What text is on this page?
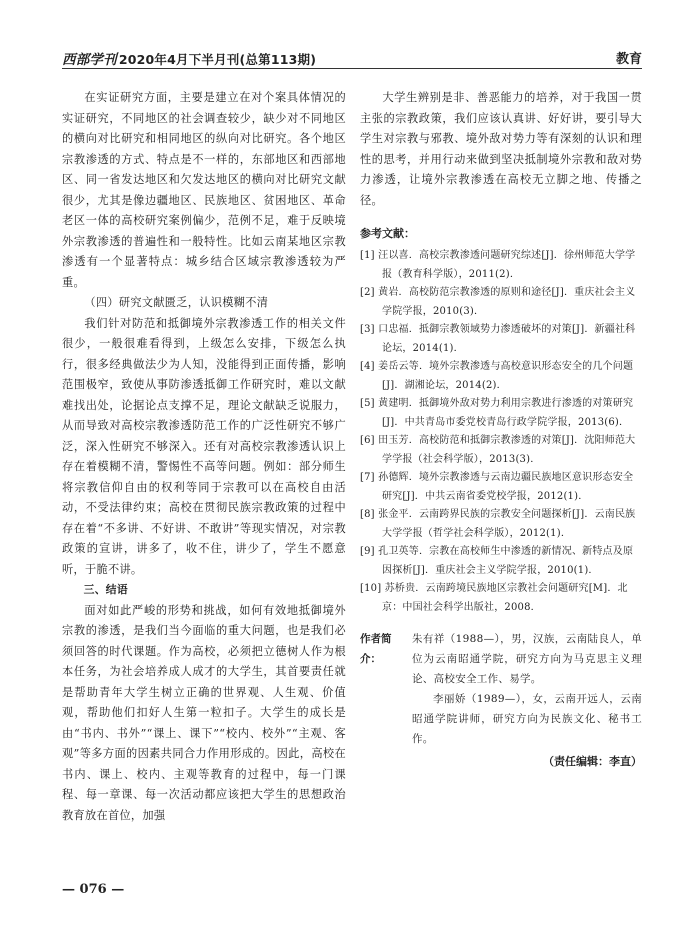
西部学刊 2020年4月下半月刊(总第113期)	教育

在实证研究方面，主要是建立在对个案具体情况的实证研究，不同地区的社会调查较少，缺少对不同地区的横向对比研究和相同地区的纵向对比研究。各个地区宗教渗透的方式、特点是不一样的，东部地区和西部地区、同一省发达地区和欠发达地区的横向对比研究文献很少，尤其是像边疆地区、民族地区、贫困地区、革命老区一体的高校研究案例偏少，范例不足，难于反映境外宗教渗透的普遍性和一般特性。比如云南某地区宗教渗透有一个显著特点：城乡结合区域宗教渗透较为严重。

（四）研究文献匮乏，认识模糊不清

我们针对防范和抵御境外宗教渗透工作的相关文件很少，一般很难看得到，上级怎么安排，下级怎么执行，很多经典做法少为人知，没能得到正面传播，影响范围极窄，致使从事防渗透抵御工作研究时，难以文献难找出处，论据论点支撑不足，理论文献缺乏说服力，从而导致对高校宗教渗透防范工作的广泛性研究不够广泛，深入性研究不够深入。还有对高校宗教渗透认识上存在着模糊不清，警惕性不高等问题。例如：部分师生将宗教信仰自由的权利等同于宗教可以在高校自由活动，不受法律约束；高校在贯彻民族宗教政策的过程中存在着“不多讲、不好讲、不敢讲”等现实情况，对宗教政策的宣讲，讲多了，收不住，讲少了，学生不愿意听，于脆不讲。

三、结语

面对如此严峻的形势和挑战，如何有效地抵御境外宗教的渗透，是我们当今面临的重大问题，也是我们必须回答的时代课题。作为高校，必须把立德树人作为根本任务，为社会培养成人成才的大学生，其首要责任就是帮助青年大学生树立正确的世界观、人生观、价值观，帮助他们扣好人生第一粒扣子。大学生的成长是由“书内、书外”“课上、课下”“校内、校外”“主观、客观”等多方面的因素共同合力作用形成的。因此，高校在书内、课上、校内、主观等教育的过程中，每一门课程、每一章课、每一次活动都应该把大学生的思想政治教育放在首位，加强

大学生辨别是非、善恶能力的培养，对于我国一贯主张的宗教政策，我们应该认真讲、好好讲，要引导大学生对宗教与邪教、境外敌对势力等有深刻的认识和理性的思考，并用行动来做到坚决抵制境外宗教和敌对势力渗透，让境外宗教渗透在高校无立脚之地、传播之径。

参考文献：

[1] 汪以喜．高校宗教渗透问题研究综述[J]．徐州师范大学学报（教育科学版），2011(2)．

[2] 黄岩．高校防范宗教渗透的原则和途径[J]．重庆社会主义学院学报，2010(3)．

[3] 口忠福．抵御宗教领域势力渗透破坏的对策[J]．新疆社科论坛，2014(1)．

[4] 姜岳云等．境外宗教渗透与高校意识形态安全的几个问题[J]．湖湘论坛，2014(2)．

[5] 黄建明．抵御境外敌对势力利用宗教进行渗透的对策研究[J]．中共青岛市委党校青岛行政学院学报，2013(6)．

[6] 田玉芳．高校防范和抵御宗教渗透的对策[J]．沈阳师范大学学报（社会科学版），2013(3)．

[7] 孙德辉．境外宗教渗透与云南边疆民族地区意识形态安全研究[J]．中共云南省委党校学报，2012(1)．

[8] 张金平．云南跨界民族的宗教安全问题探析[J]．云南民族大学学报（哲学社会科学版），2012(1)．

[9] 孔卫英等．宗教在高校师生中渗透的新情况、新特点及原因探析[J]．重庆社会主义学院学报，2010(1)．

[10] 苏桥贵．云南跨境民族地区宗教社会问题研究[M]．北京：中国社会科学出版社，2008．

作者简介：

朱有祥（1988—），男，汉族，云南陆良人，单位为云南昭通学院，研究方向为马克思主义理论、高校安全工作、易学。

李丽娇（1989—），女，云南开远人，云南昭通学院讲师，研究方向为民族文化、秘书工作。

（责任编辑：李直）
— 076 —
